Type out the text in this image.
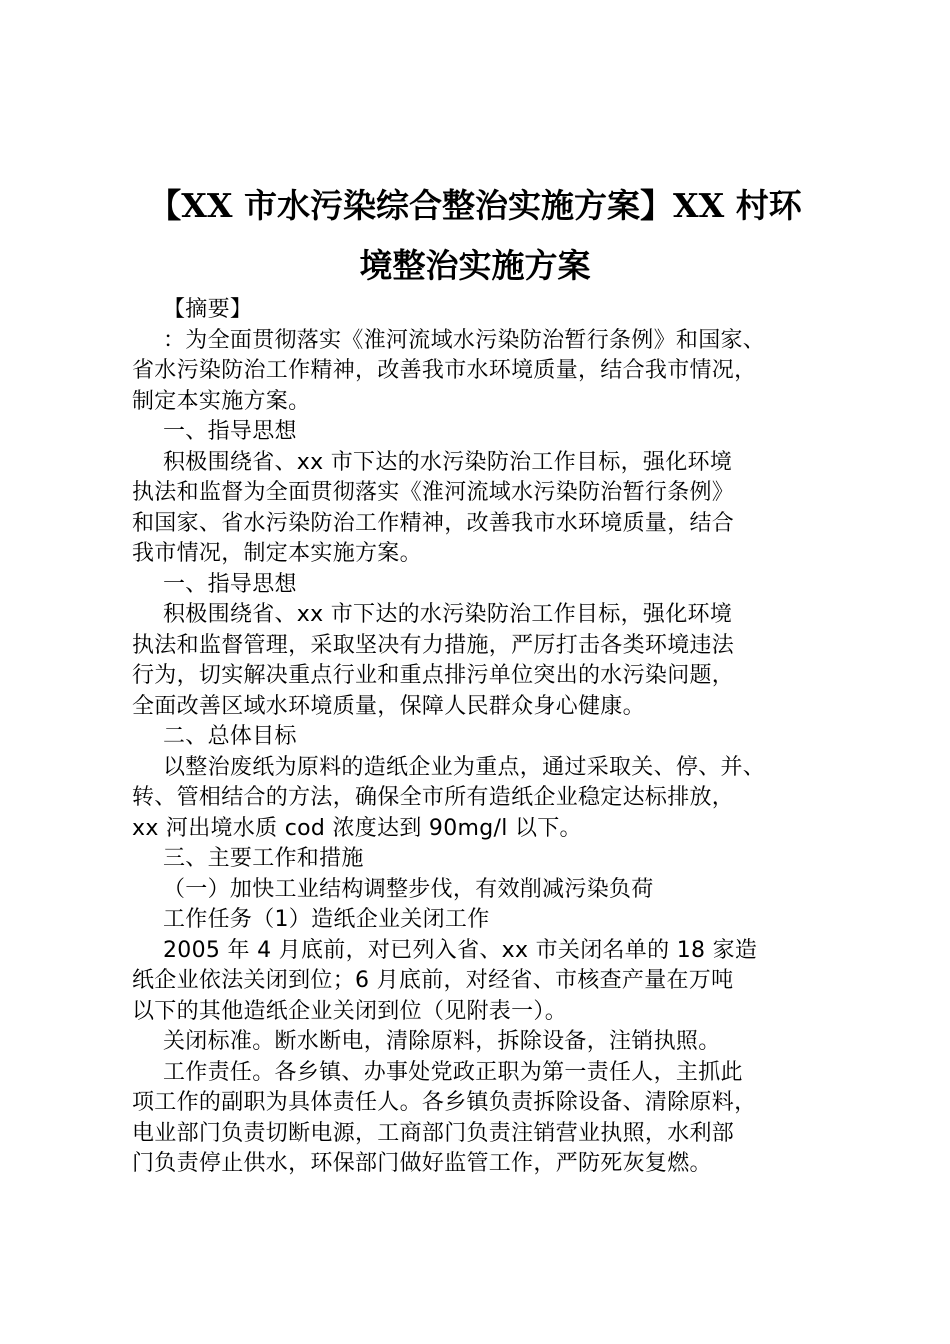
【XX 市水污染综合整治实施方案】XX 村环
境整治实施方案
【摘要】
：为全面贯彻落实《淮河流域水污染防治暂行条例》和国家、
省水污染防治工作精神，改善我市水环境质量，结合我市情况，
制定本实施方案。
一、指导思想
积极围绕省、xx 市下达的水污染防治工作目标，强化环境
执法和监督为全面贯彻落实《淮河流域水污染防治暂行条例》
和国家、省水污染防治工作精神，改善我市水环境质量，结合
我市情况，制定本实施方案。
一、指导思想
积极围绕省、xx 市下达的水污染防治工作目标，强化环境
执法和监督管理，采取坚决有力措施，严厉打击各类环境违法
行为，切实解决重点行业和重点排污单位突出的水污染问题，
全面改善区域水环境质量，保障人民群众身心健康。
二、总体目标
以整治废纸为原料的造纸企业为重点，通过采取关、停、并、
转、管相结合的方法，确保全市所有造纸企业稳定达标排放，
xx 河出境水质 cod 浓度达到 90mg/l 以下。
三、主要工作和措施
（一）加快工业结构调整步伐，有效削减污染负荷
工作任务（1）造纸企业关闭工作
2005 年 4 月底前，对已列入省、xx 市关闭名单的 18 家造
纸企业依法关闭到位；6 月底前，对经省、市核查产量在万吨
以下的其他造纸企业关闭到位（见附表一）。
关闭标准。断水断电，清除原料，拆除设备，注销执照。
工作责任。各乡镇、办事处党政正职为第一责任人，主抓此
项工作的副职为具体责任人。各乡镇负责拆除设备、清除原料，
电业部门负责切断电源，工商部门负责注销营业执照，水利部
门负责停止供水，环保部门做好监管工作，严防死灰复燃。
